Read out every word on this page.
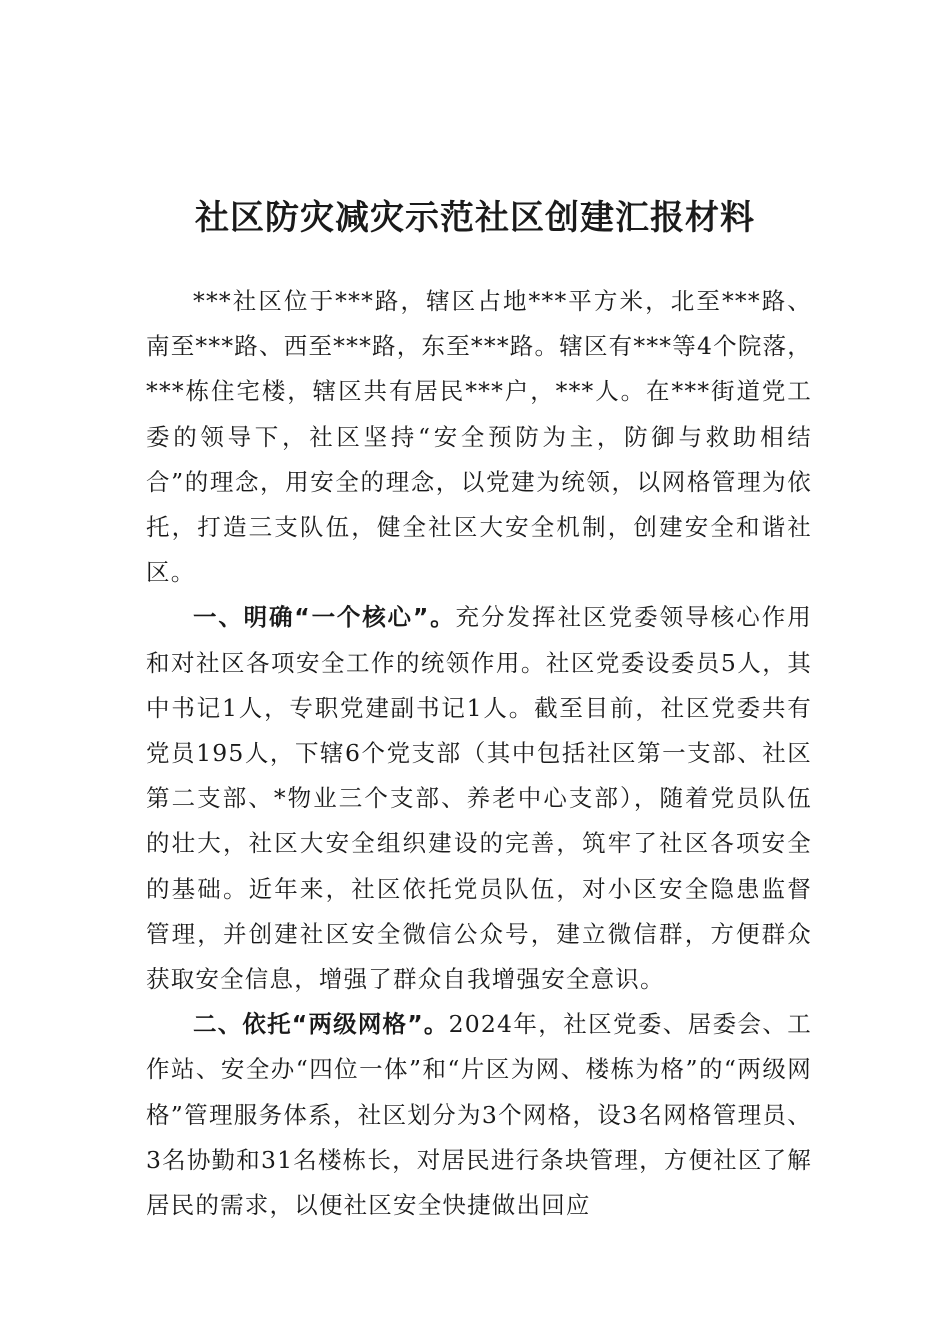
社区防灾减灾示范社区创建汇报材料

***社区位于***路，辖区占地***平方米，北至***路、南至***路、西至***路，东至***路。辖区有***等4个院落，***栋住宅楼，辖区共有居民***户，***人。在***街道党工委的领导下，社区坚持“安全预防为主，防御与救助相结合”的理念，用安全的理念，以党建为统领，以网格管理为依托，打造三支队伍，健全社区大安全机制，创建安全和谐社区。

一、明确“一个核心”。充分发挥社区党委领导核心作用和对社区各项安全工作的统领作用。社区党委设委员5人，其中书记1人，专职党建副书记1人。截至目前，社区党委共有党员195人，下辖6个党支部（其中包括社区第一支部、社区第二支部、*物业三个支部、养老中心支部），随着党员队伍的壮大，社区大安全组织建设的完善，筑牢了社区各项安全的基础。近年来，社区依托党员队伍，对小区安全隐患监督管理，并创建社区安全微信公众号，建立微信群，方便群众获取安全信息，增强了群众自我增强安全意识。

二、依托“两级网格”。2024年，社区党委、居委会、工作站、安全办“四位一体”和“片区为网、楼栋为格”的“两级网格”管理服务体系，社区划分为3个网格，设3名网格管理员、3名协勤和31名楼栋长，对居民进行条块管理，方便社区了解居民的需求，以便社区安全快捷做出回应
